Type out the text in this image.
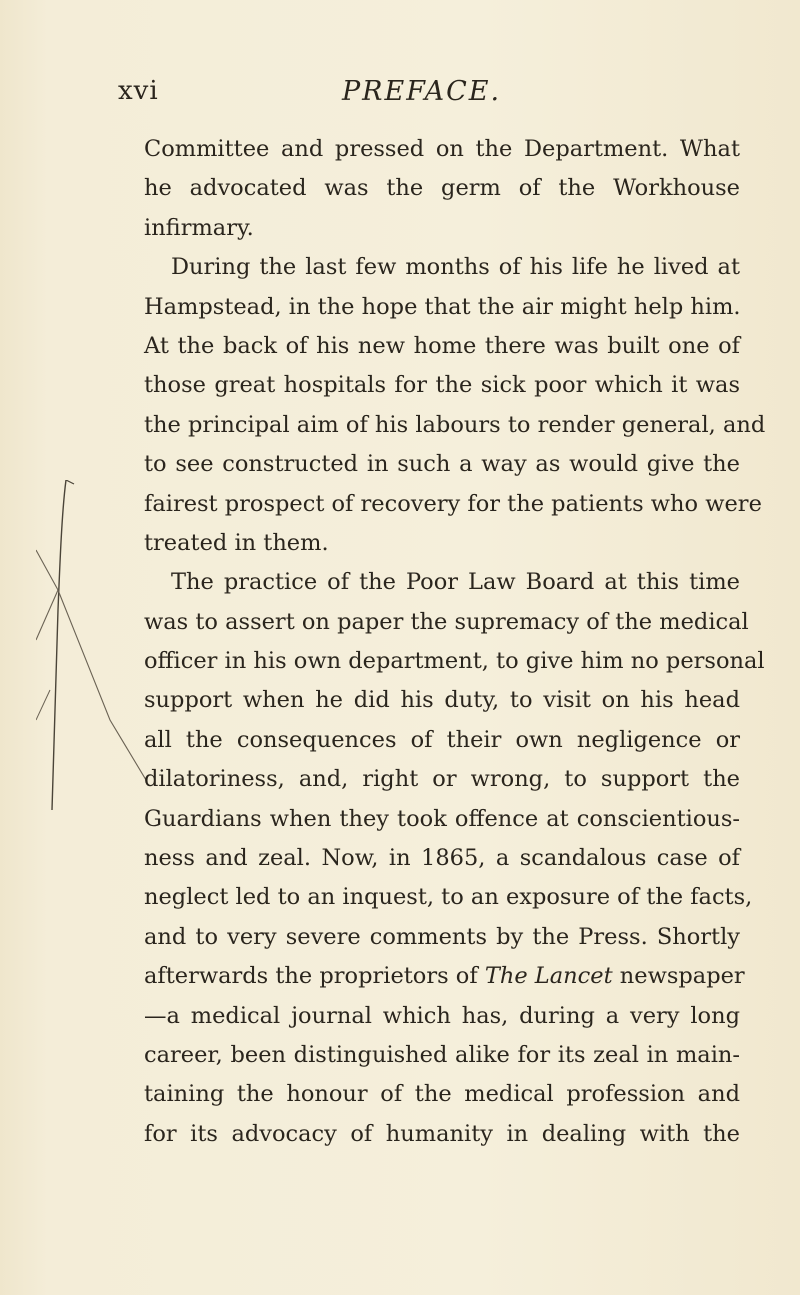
xvi	PREFACE.
Committee and pressed on the Department. What
he advocated was the germ of the Workhouse
infirmary.
During the last few months of his life he lived at
Hampstead, in the hope that the air might help him.
At the back of his new home there was built one of
those great hospitals for the sick poor which it was
the principal aim of his labours to render general, and
to see constructed in such a way as would give the
fairest prospect of recovery for the patients who were
treated in them.
The practice of the Poor Law Board at this time
was to assert on paper the supremacy of the medical
officer in his own department, to give him no personal
support when he did his duty, to visit on his head
all the consequences of their own negligence or
dilatoriness, and, right or wrong, to support the
Guardians when they took offence at conscientious-
ness and zeal. Now, in 1865, a scandalous case of
neglect led to an inquest, to an exposure of the facts,
and to very severe comments by the Press. Shortly
afterwards the proprietors of The Lancet newspaper
—a medical journal which has, during a very long
career, been distinguished alike for its zeal in main-
taining the honour of the medical profession and
for its advocacy of humanity in dealing with the
